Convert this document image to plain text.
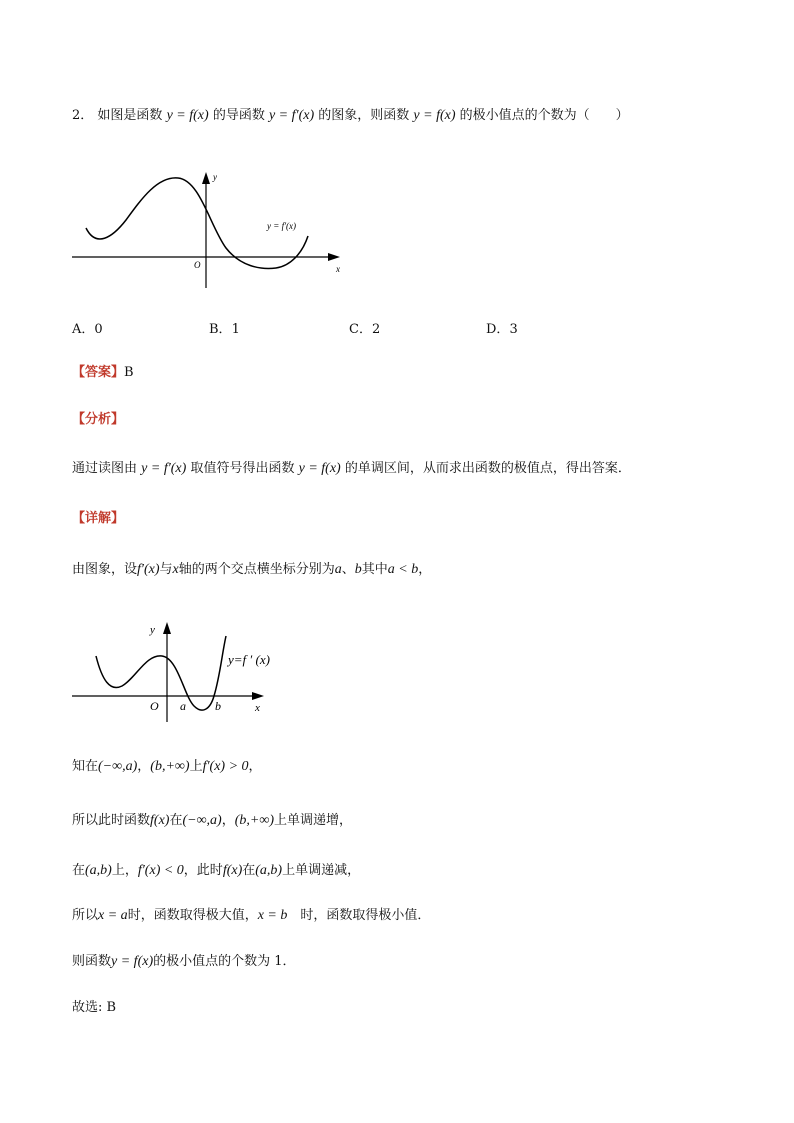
2． 如图是函数 y = f(x) 的导函数 y = f′(x) 的图象，则函数 y = f(x) 的极小值点的个数为（　　）
y = f′(x)
x
y
O
A．0	B．1	C．2	D．3
【答案】B
【分析】
通过读图由 y = f′(x) 取值符号得出函数 y = f(x) 的单调区间，从而求出函数的极值点，得出答案．
【详解】
由图象，设f′(x)与x轴的两个交点横坐标分别为a、b其中a < b，
y=f ′ (x)
x
y
O a b
知在(−∞,a)，(b,+∞)上f′(x) > 0，
所以此时函数f(x)在(−∞,a)，(b,+∞)上单调递增，
在(a,b)上，f′(x) < 0，此时f(x)在(a,b)上单调递减，
所以x = a时，函数取得极大值，x = b　时，函数取得极小值．
则函数y = f(x)的极小值点的个数为 1．
故选: B
